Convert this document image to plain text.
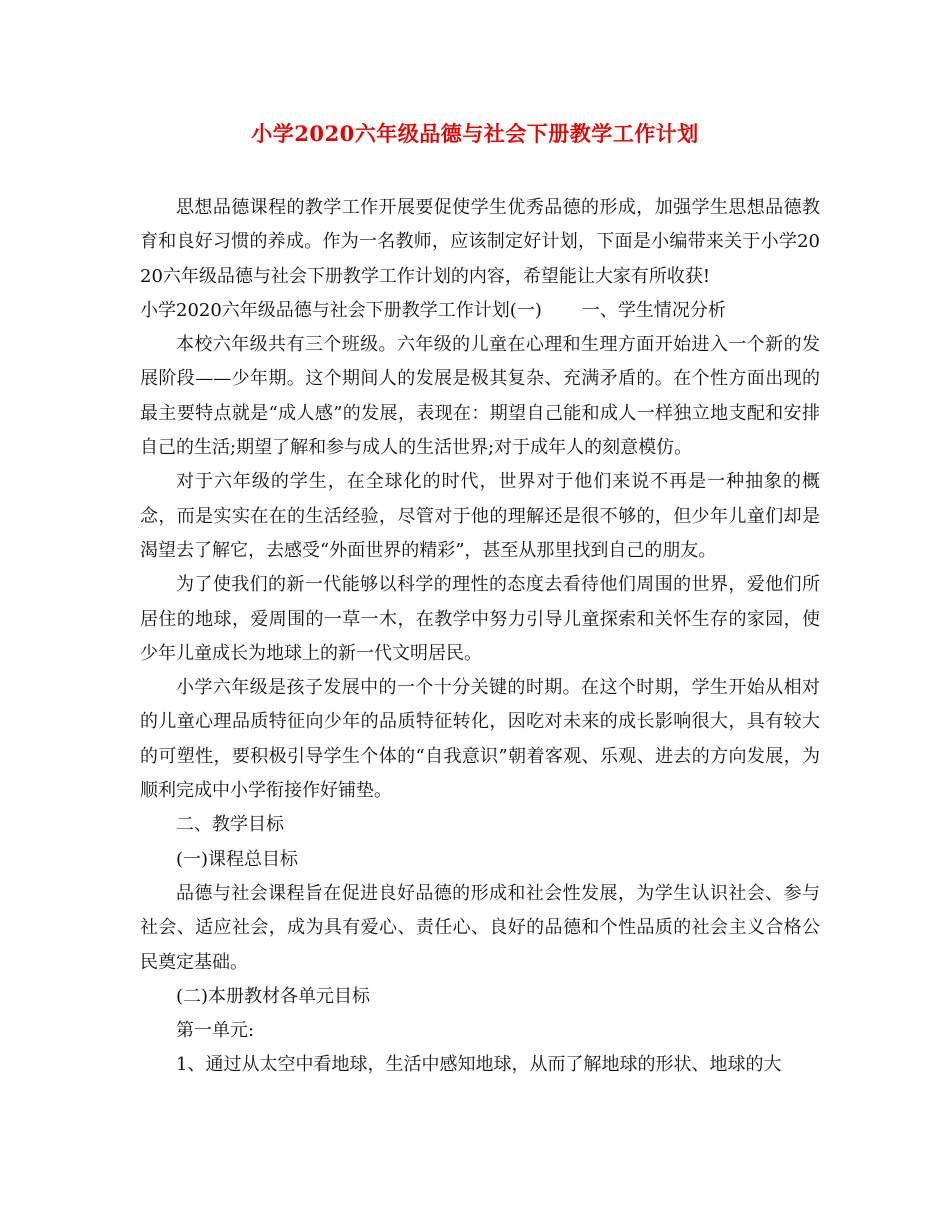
小学2020六年级品德与社会下册教学工作计划

思想品德课程的教学工作开展要促使学生优秀品德的形成，加强学生思想品德教育和良好习惯的养成。作为一名教师，应该制定好计划，下面是小编带来关于小学2020六年级品德与社会下册教学工作计划的内容，希望能让大家有所收获!

小学2020六年级品德与社会下册教学工作计划(一) 一、学生情况分析

本校六年级共有三个班级。六年级的儿童在心理和生理方面开始进入一个新的发展阶段——少年期。这个期间人的发展是极其复杂、充满矛盾的。在个性方面出现的最主要特点就是“成人感”的发展，表现在：期望自己能和成人一样独立地支配和安排自己的生活;期望了解和参与成人的生活世界;对于成年人的刻意模仿。

对于六年级的学生，在全球化的时代，世界对于他们来说不再是一种抽象的概念，而是实实在在的生活经验，尽管对于他的理解还是很不够的，但少年儿童们却是渴望去了解它，去感受“外面世界的精彩”，甚至从那里找到自己的朋友。

为了使我们的新一代能够以科学的理性的态度去看待他们周围的世界，爱他们所居住的地球，爱周围的一草一木，在教学中努力引导儿童探索和关怀生存的家园，使少年儿童成长为地球上的新一代文明居民。

小学六年级是孩子发展中的一个十分关键的时期。在这个时期，学生开始从相对的儿童心理品质特征向少年的品质特征转化，因吃对未来的成长影响很大，具有较大的可塑性，要积极引导学生个体的“自我意识”朝着客观、乐观、进去的方向发展，为顺利完成中小学衔接作好铺垫。

二、教学目标

(一)课程总目标

品德与社会课程旨在促进良好品德的形成和社会性发展，为学生认识社会、参与社会、适应社会，成为具有爱心、责任心、良好的品德和个性品质的社会主义合格公民奠定基础。

(二)本册教材各单元目标

第一单元:

1、通过从太空中看地球，生活中感知地球，从而了解地球的形状、地球的大
